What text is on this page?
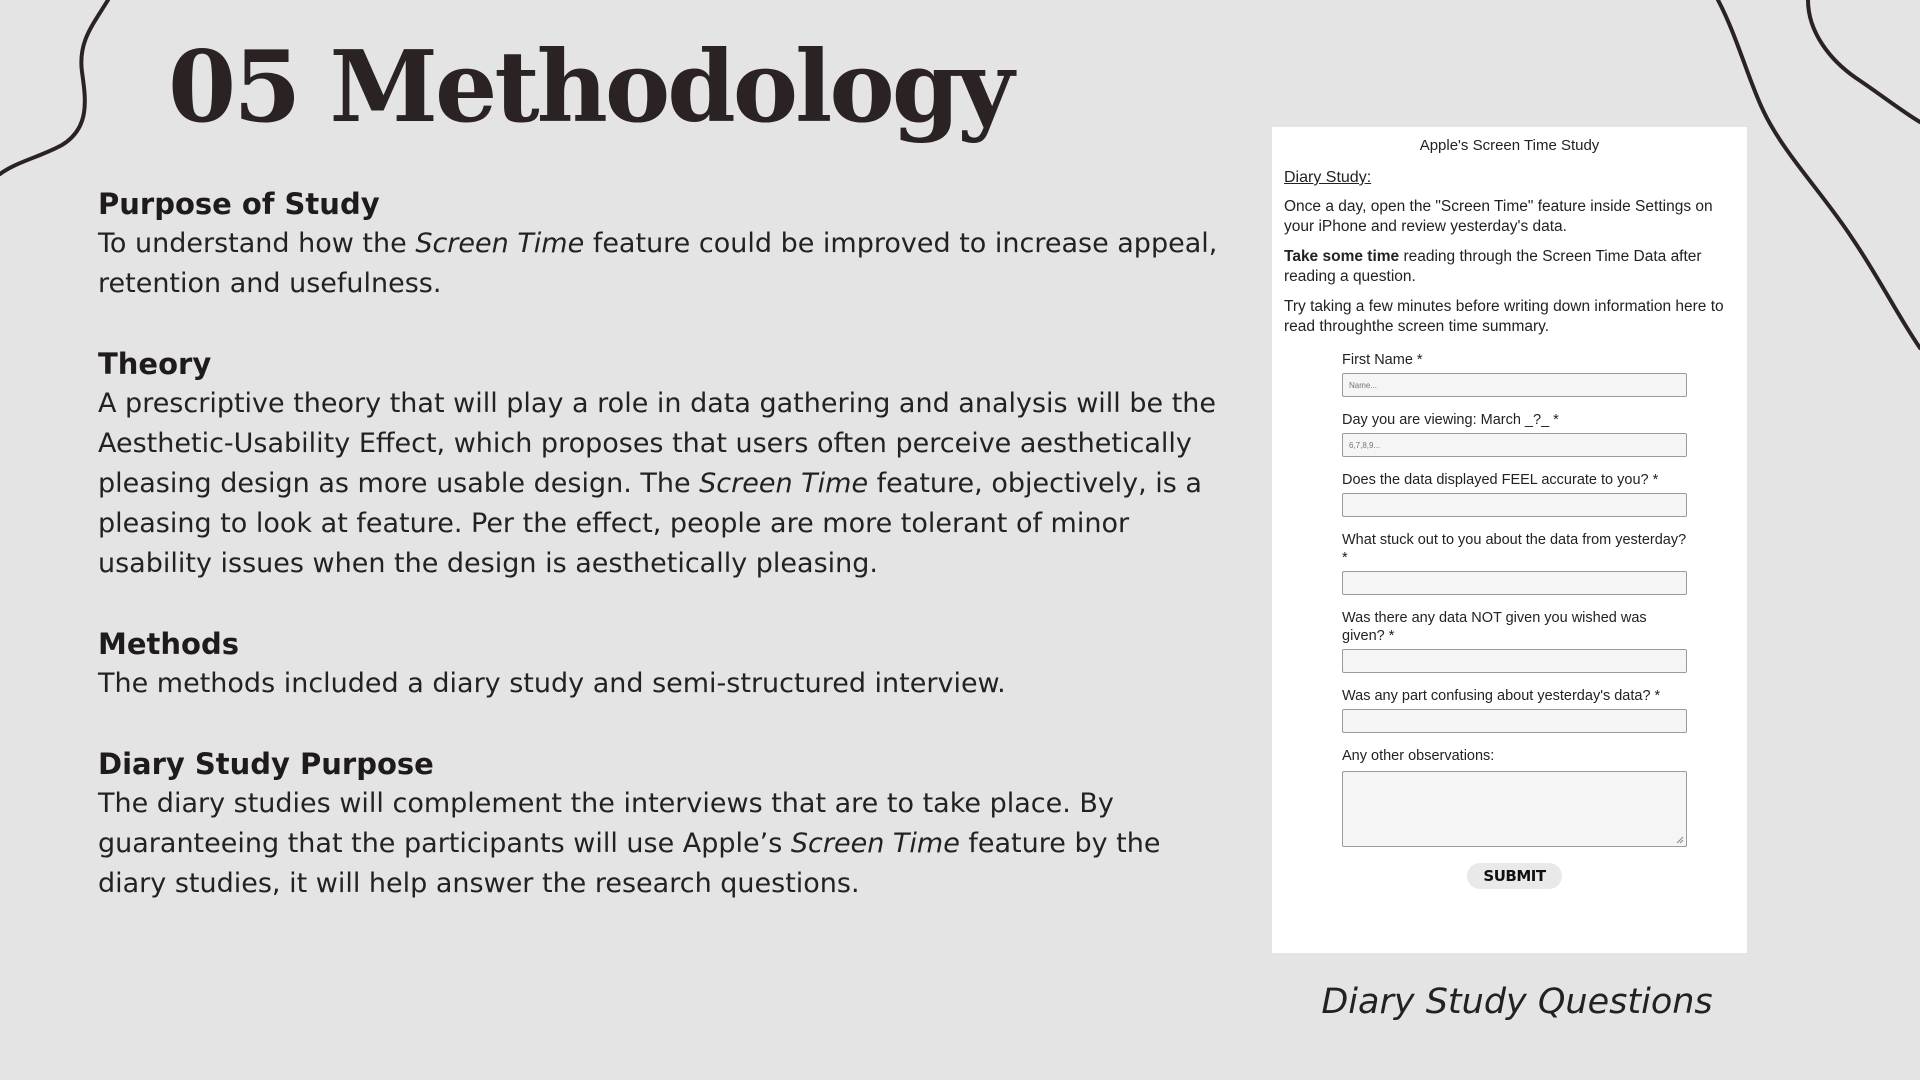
05 Methodology
Purpose of Study

To understand how the Screen Time feature could be improved to increase appeal, retention and usefulness.

Theory

A prescriptive theory that will play a role in data gathering and analysis will be the Aesthetic-Usability Effect, which proposes that users often perceive aesthetically pleasing design as more usable design. The Screen Time feature, objectively, is a pleasing to look at feature. Per the effect, people are more tolerant of minor usability issues when the design is aesthetically pleasing.

Methods

The methods included a diary study and semi-structured interview.

Diary Study Purpose

The diary studies will complement the interviews that are to take place. By guaranteeing that the participants will use Apple’s Screen Time feature by the diary studies, it will help answer the research questions.

Apple's Screen Time Study
Diary Study:
Once a day, open the "Screen Time" feature inside Settings on your iPhone and review yesterday's data.
Take some time reading through the Screen Time Data after reading a question.
Try taking a few minutes before writing down information here to read throughthe screen time summary.
First Name *
Name...
Day you are viewing: March _?_ *
6,7,8,9...
Does the data displayed FEEL accurate to you? *
What stuck out to you about the data from yesterday? *
Was there any data NOT given you wished was given? *
Was any part confusing about yesterday's data? *
Any other observations:
SUBMIT
Diary Study Questions
